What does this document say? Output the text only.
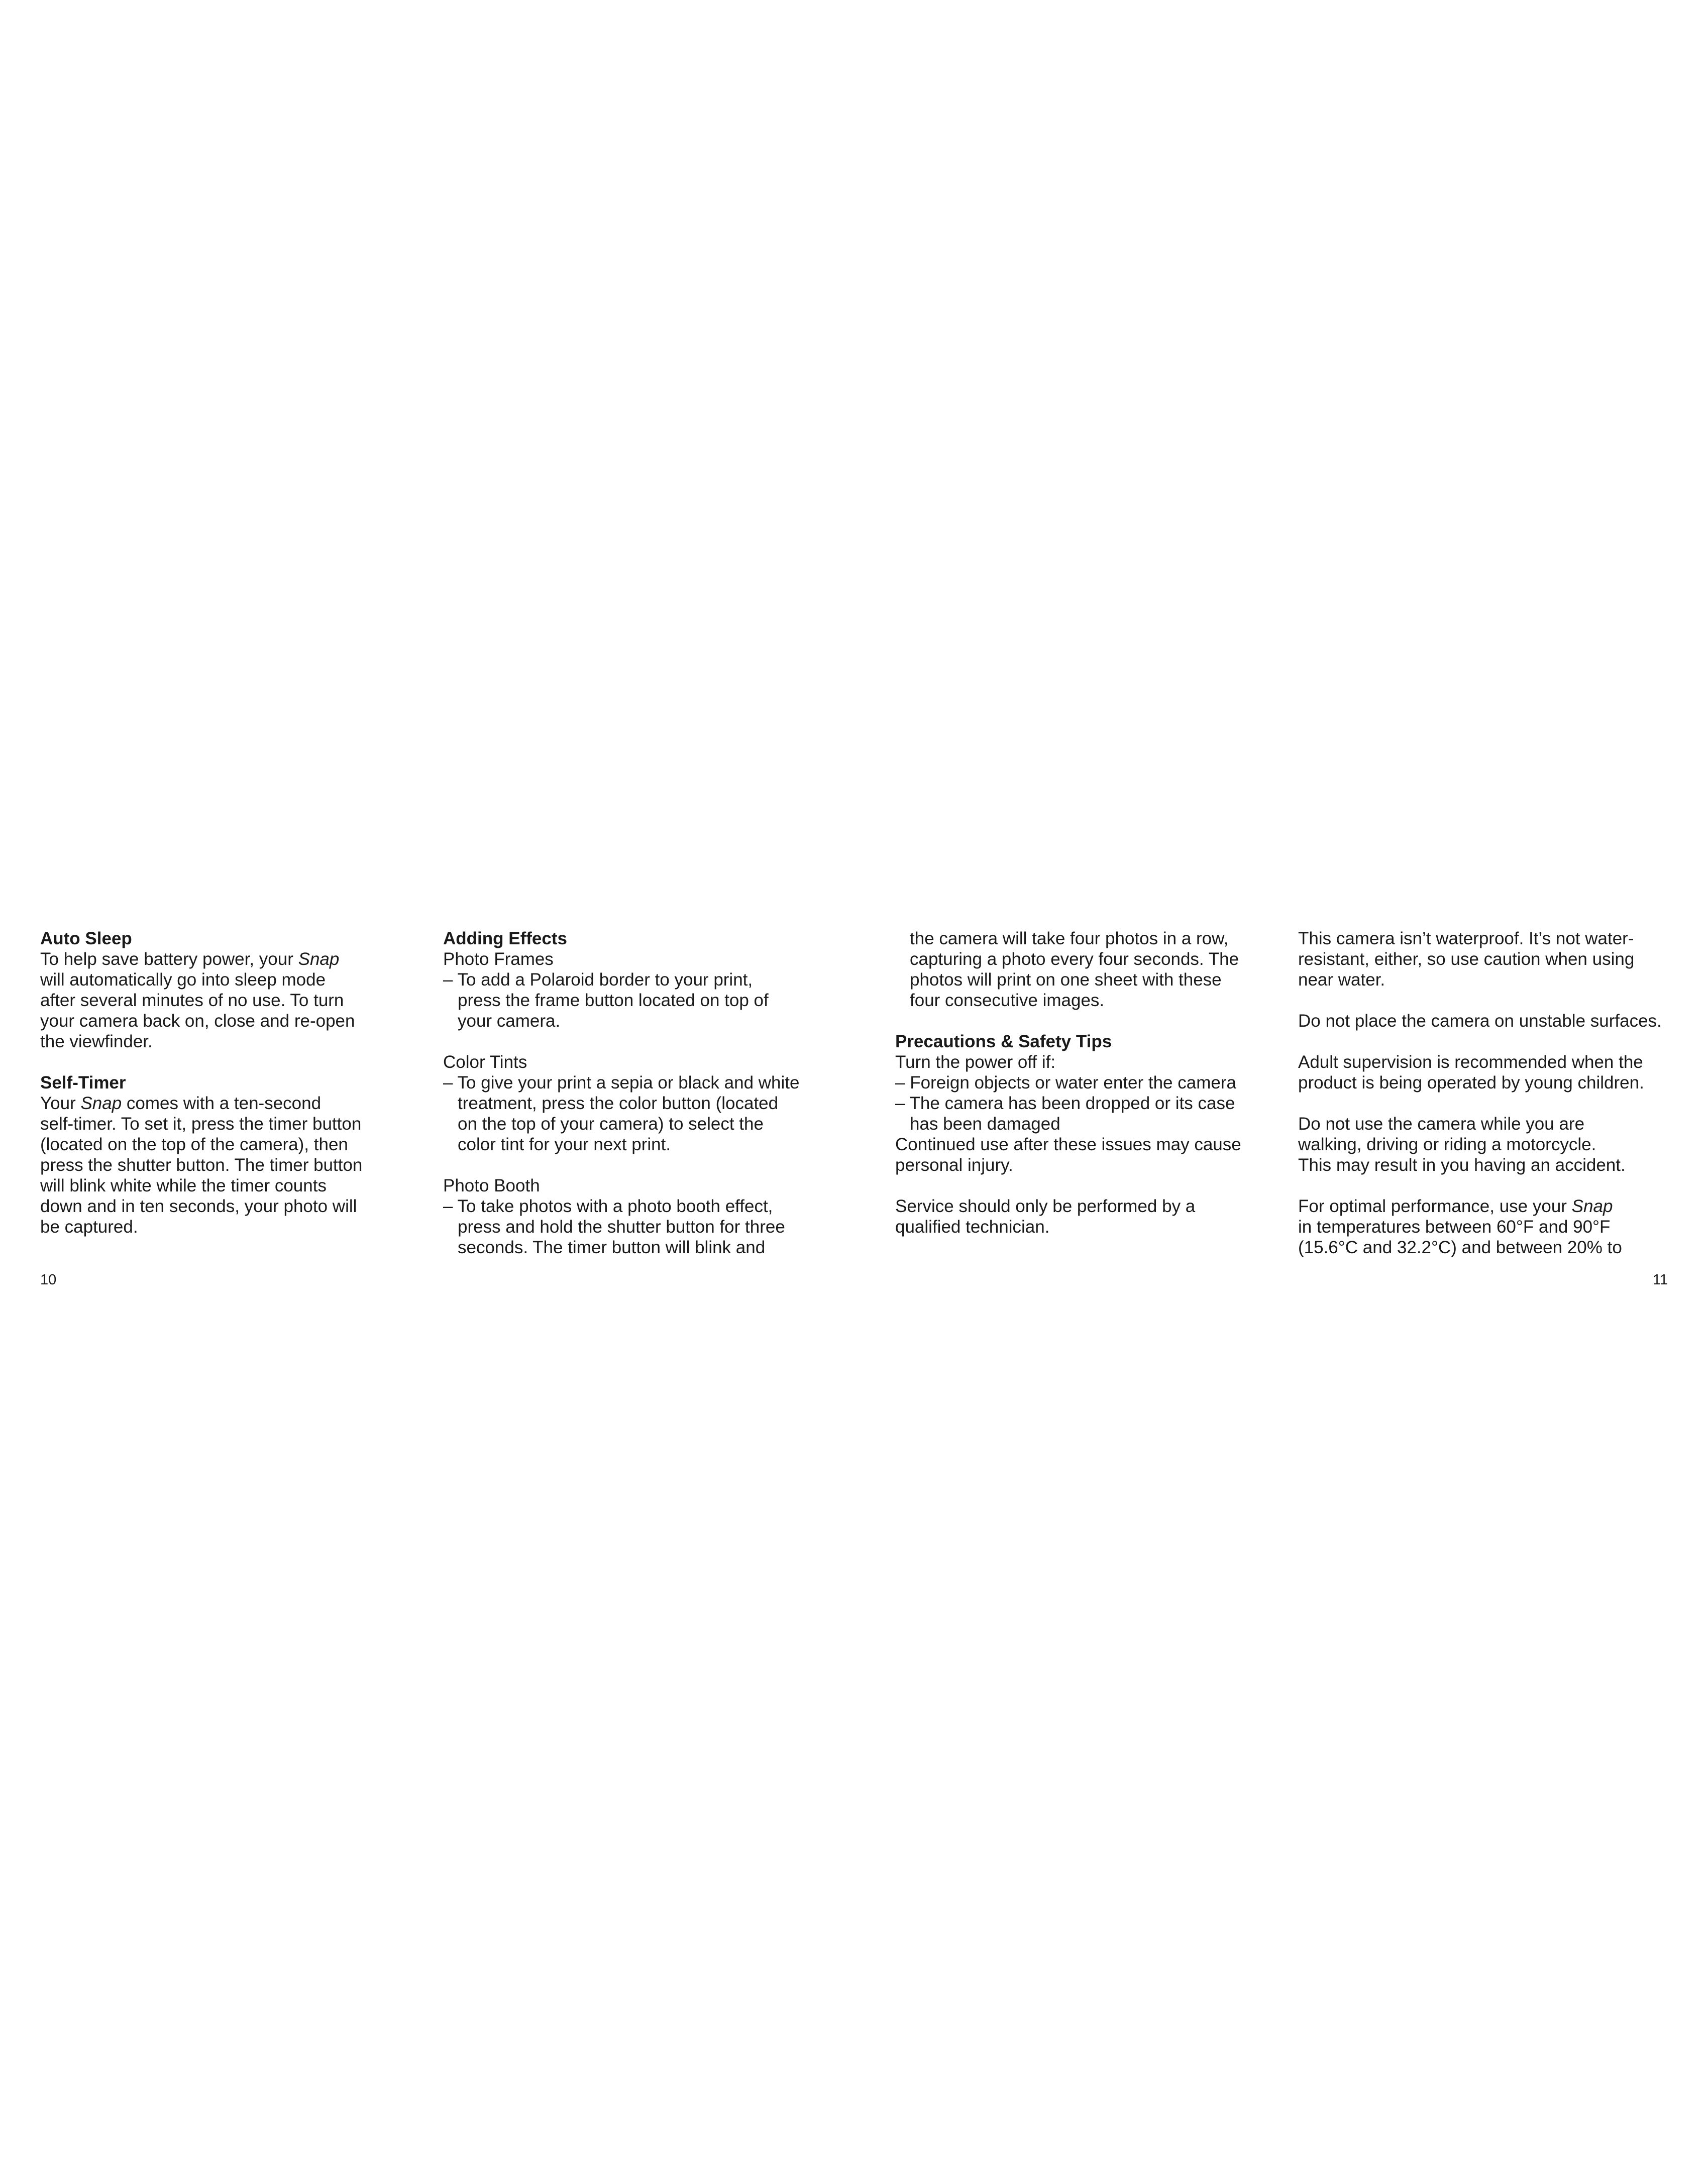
Auto Sleep
To help save battery power, your Snap
will automatically go into sleep mode
after several minutes of no use. To turn
your camera back on, close and re-open
the viewfinder.
Self-Timer
Your Snap comes with a ten-second
self-timer. To set it, press the timer button
(located on the top of the camera), then
press the shutter button. The timer button
will blink white while the timer counts
down and in ten seconds, your photo will
be captured.
Adding Effects
Photo Frames
– To add a Polaroid border to your print,
press the frame button located on top of
your camera.
Color Tints
– To give your print a sepia or black and white
treatment, press the color button (located
on the top of your camera) to select the
color tint for your next print.
Photo Booth
– To take photos with a photo booth effect,
press and hold the shutter button for three
seconds. The timer button will blink and
the camera will take four photos in a row,
capturing a photo every four seconds. The
photos will print on one sheet with these
four consecutive images.
Precautions & Safety Tips
Turn the power off if:
– Foreign objects or water enter the camera
– The camera has been dropped or its case
has been damaged
Continued use after these issues may cause
personal injury.
Service should only be performed by a
qualified technician.
This camera isn’t waterproof. It’s not water-
resistant, either, so use caution when using
near water.
Do not place the camera on unstable surfaces.
Adult supervision is recommended when the
product is being operated by young children.
Do not use the camera while you are
walking, driving or riding a motorcycle.
This may result in you having an accident.
For optimal performance, use your Snap
in temperatures between 60°F and 90°F
(15.6°C and 32.2°C) and between 20% to
10	11
